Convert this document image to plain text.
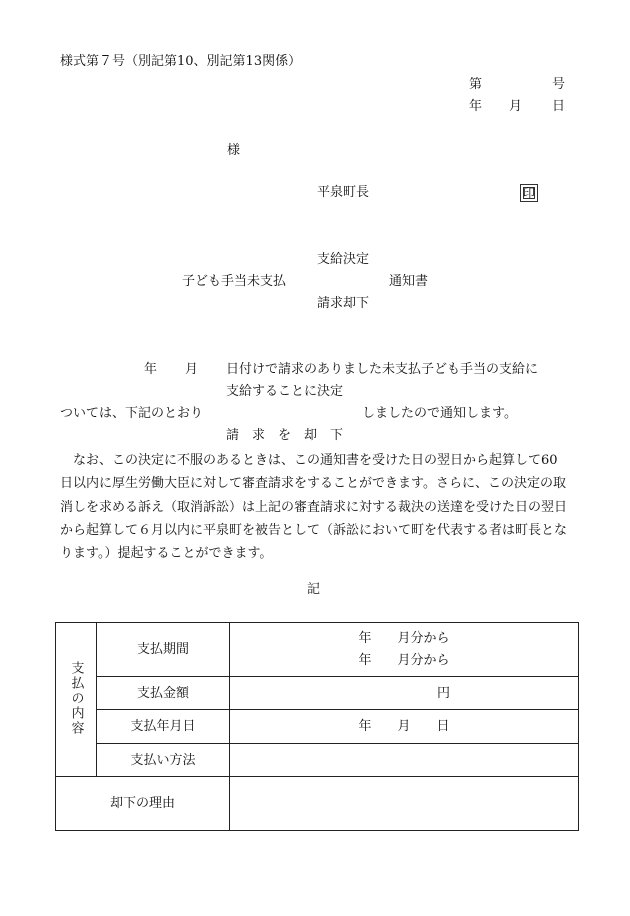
様式第７号（別記第10、別記第13関係）
第	号
年 月 日
様
平泉町長	印
支給決定
子ども手当未支払	通知書
請求却下
年 月 日付けで請求のありました未支払子ども手当の支給に
支給することに決定
ついては、下記のとおり	しましたので通知します。
請　求　を　却　下
なお、この決定に不服のあるときは、この通知書を受けた日の翌日から起算して60日以内に厚生労働大臣に対して審査請求をすることができます。さらに、この決定の取消しを求める訴え（取消訴訟）は上記の審査請求に対する裁決の送達を受けた日の翌日から起算して６月以内に平泉町を被告として（訴訟において町を代表する者は町長となります。）提起することができます。
記
支払の内容	支払期間	年　　月分から
年　　月分から

	支払金額	円
	支払年月日	年　　月　　日
	支払い方法	
却下の理由		
